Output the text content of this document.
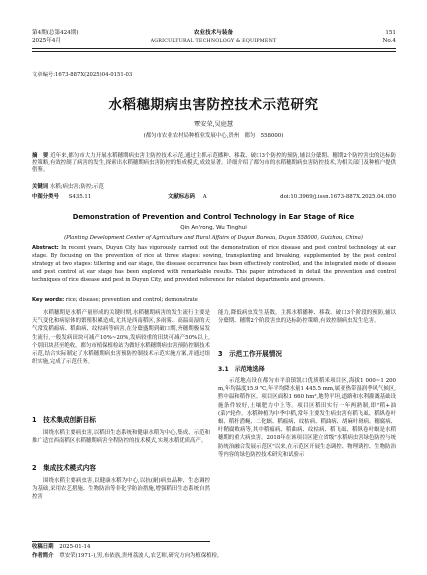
第4期(总第424期)
2025年4月
农业技术与装备
AGRICULTURAL TECHNOLOGY & EQUIPMENT
151
No.4
文章编号:1673-887X(2025)04-0151-03
水稻穗期病虫害防控技术示范研究
覃安荣,吴庭慧
(都匀市农业农村局种植业发展中心,贵州　都匀　558000)
摘　要 近年来,都匀市大力开展水稻穗期病虫害主防控技术示范,通过主抓示范播种、移栽、破口3个防控的预防,辅以分蘖期、穗期2个防控害虫的达标防控策略,有效控制了病害的发生,探索出水稻穗期病虫害防控的集成模式,成效显著。详细介绍了都匀市的水稻穗期病虫害防控技术,为相关部门及种植户提供借鉴。
关键词 水稻;病虫害;防控;示范
中图分类号 S435.11	文献标志码 A	doi:10.3969/j.issn.1673-887X.2025.04.050
Demonstration of Prevention and Control Technology in Ear Stage of Rice
Qin An'rong, Wu Tinghui
(Planting Development Center of Agriculture and Rural Affairs of Duyun Bureau, Duyun 558000, Guizhou, China)
Abstract: In recent years, Duyun City has vigorously carried out the demonstration of rice disease and pest control technology at ear stage. By focusing on the prevention of rice at three stages: sowing, transplanting and breaking, supplemented by the pest control strategy at two stages: tillering and ear stage, the disease occurrence has been effectively controlled, and the integrated mode of disease and pest control at ear stage has been explored with remarkable results. This paper introduced in detail the prevention and control techniques of rice disease and pest in Duyun City, and provided reference for related departments and growers.
Key words: rice; disease; prevention and control; demonstrate
水稻穗期是水稻产量形成的关键时期,水稻穗期病害的发生流行主要是天气变化和病原体的繁殖积累造成,尤其是西南稻区,多雨雾、高温高湿的天气常发稻瘟病、稻曲病、纹枯病等病害,在分蘖盛期到破口期,齐穗期极易发生流行,一般发病田块可减产10%~20%,发病较重的田块可减产50%以上,个别田块甚至绝收。都匀市植保植检站为做好水稻穗期病虫害预防控制技术示范,结合实际制定了水稻穗期病虫害预防控制技术示范实施方案,并通过组织实施,完成了示范任务。
1　技术集成创新目标
围绕水稻主要病虫害,以稻田生态系统和健康水稻为中心,集成、示范和推广适宜西南稻区水稻穗期病害全程防控的技术模式,实现水稻优质高产。
2　集成技术模式内容
围绕水稻主要病虫害,以健康水稻为中心,以抗(耐)病虫品种、生态调控为基础,采用农艺措施、生物防治等非化学防治措施,增强稻田生态系统自然控害
能力,降低病虫发生基数。主抓水稻播种、移栽、破口3个阶段的预防,辅以分蘖期、穗期2个阶段害虫的达标防控策略,有效控制病虫发生危害。
3　示范工作开展情况
3.1　示范地选择
示范地点设在都匀市平浪镇凯口优质稻米项目区,海拔1 000~1 200 m,年均温度15.9 ℃,年平均降水量1 445.5 mm,属亚热带湿润季风气候区,黔中温和稻作区。项目区面积1 660 hm²,地势平坦,道路和水利灌溉基础设施条件较好,土壤肥力中上等。项目区稻田实行一年两熟制,即"稻+油(菜)"轮作。水稻种植为中季中稻,常年主要发生病虫害有稻飞虱、稻纵卷叶螟、稻秆潜蝇、二化螟、稻瘟病、纹枯病、稻曲病、胡麻叶斑病、穗腐病、叶鞘腐败病等,其中稻瘟病、稻曲病、纹枯病、稻飞虱、稻纵卷叶螟是水稻穗期的重大病虫害。2018年在该项目区建立省级"水稻病虫害绿色防控与统防统治融合发展示范区"以来,在示范区开展生态调控、物理诱控、生物防治等内容的绿色防控技术研究和试验示
收稿日期 2025-01-14
作者简介 覃安荣(1971-),男,布依族,贵州荔波人,农艺师,研究方向为植保植检。
